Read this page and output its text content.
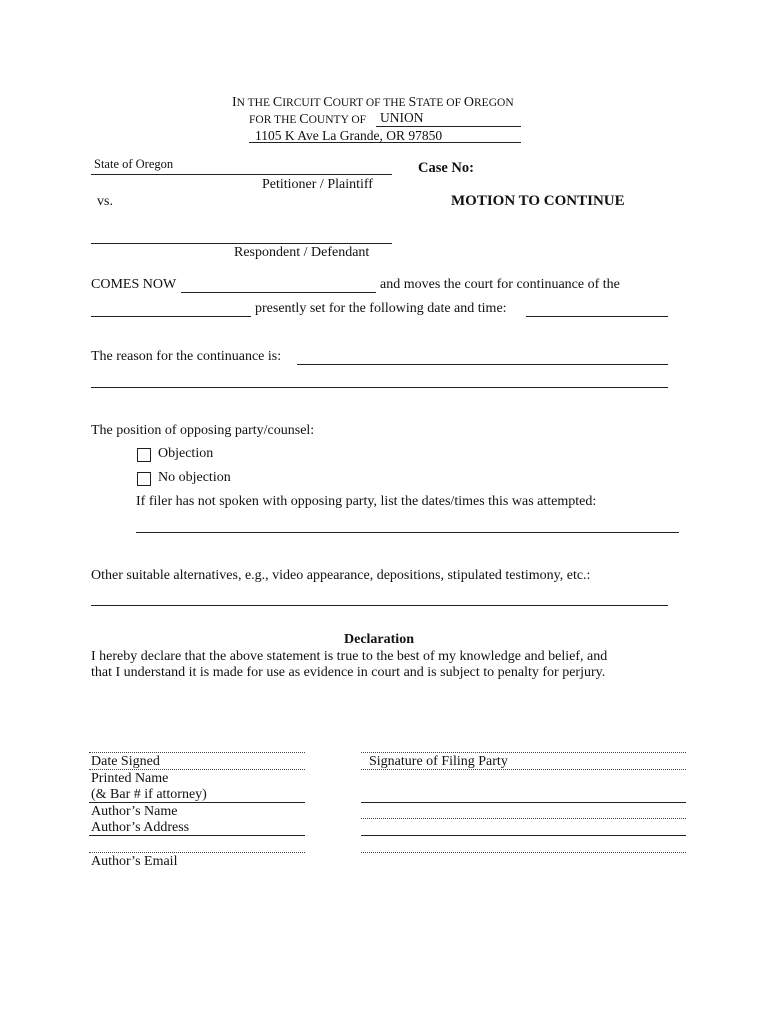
IN THE CIRCUIT COURT OF THE STATE OF OREGON
FOR THE COUNTY OF UNION
1105 K Ave La Grande, OR 97850
State of Oregon
Petitioner / Plaintiff
vs.
Case No:
MOTION TO CONTINUE
Respondent / Defendant
COMES NOW	and moves the court for continuance of the
presently set for the following date and time:
The reason for the continuance is:
The position of opposing party/counsel:
Objection
No objection
If filer has not spoken with opposing party, list the dates/times this was attempted:
Other suitable alternatives, e.g., video appearance, depositions, stipulated testimony, etc.:
Declaration
I hereby declare that the above statement is true to the best of my knowledge and belief, and
that I understand it is made for use as evidence in court and is subject to penalty for perjury.
Date Signed
Printed Name
(& Bar # if attorney)
Author’s Name
Author’s Address
Author’s Email
Signature of Filing Party
